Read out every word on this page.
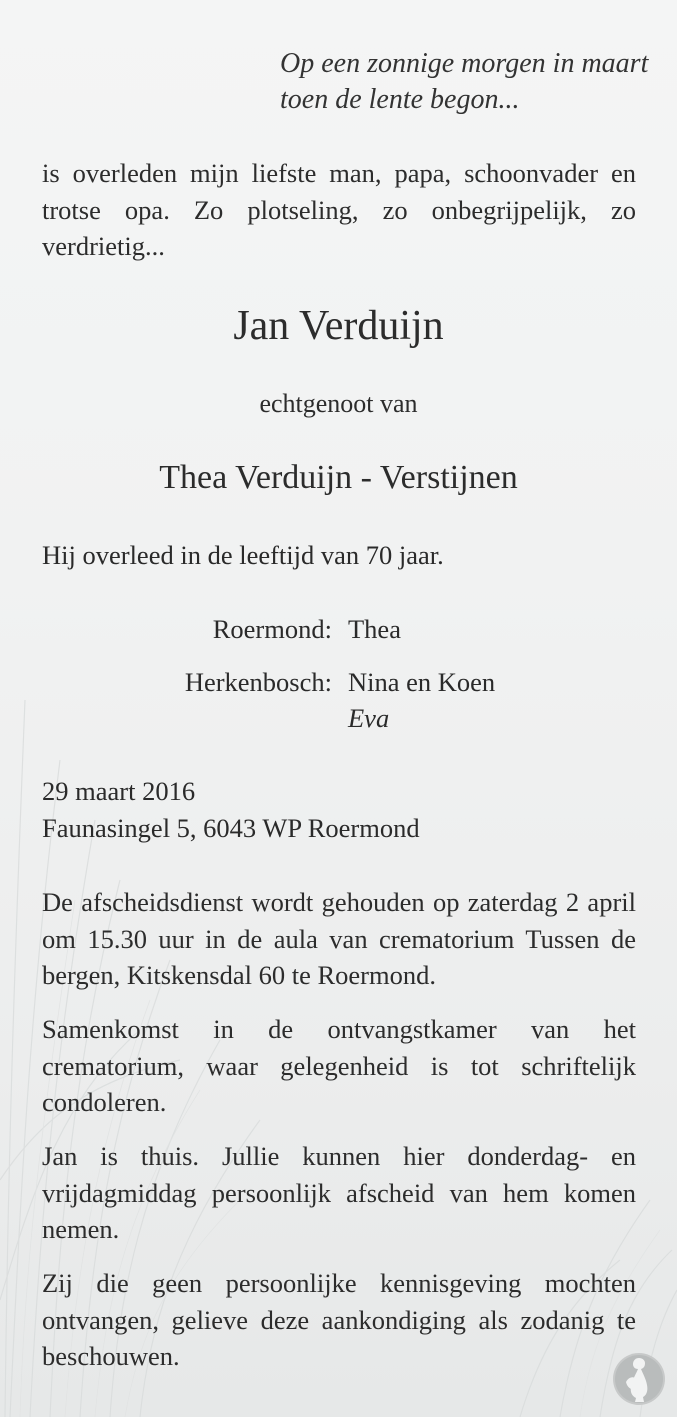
Op een zonnige morgen in maart
toen de lente begon...
is overleden mijn liefste man, papa, schoonvader en trotse opa. Zo plotseling, zo onbegrijpelijk, zo verdrietig...
Jan Verduijn
echtgenoot van
Thea Verduijn - Verstijnen
Hij overleed in de leeftijd van 70 jaar.
Roermond: Thea
Herkenbosch: Nina en Koen
Eva
29 maart 2016
Faunasingel 5, 6043 WP Roermond
De afscheidsdienst wordt gehouden op zaterdag 2 april om 15.30 uur in de aula van crematorium Tussen de bergen, Kitskensdal 60 te Roermond.
Samenkomst in de ontvangstkamer van het crematorium, waar gelegenheid is tot schriftelijk condoleren.
Jan is thuis. Jullie kunnen hier donderdag- en vrijdagmiddag persoonlijk afscheid van hem komen nemen.
Zij die geen persoonlijke kennisgeving mochten ontvangen, gelieve deze aankondiging als zodanig te beschouwen.
